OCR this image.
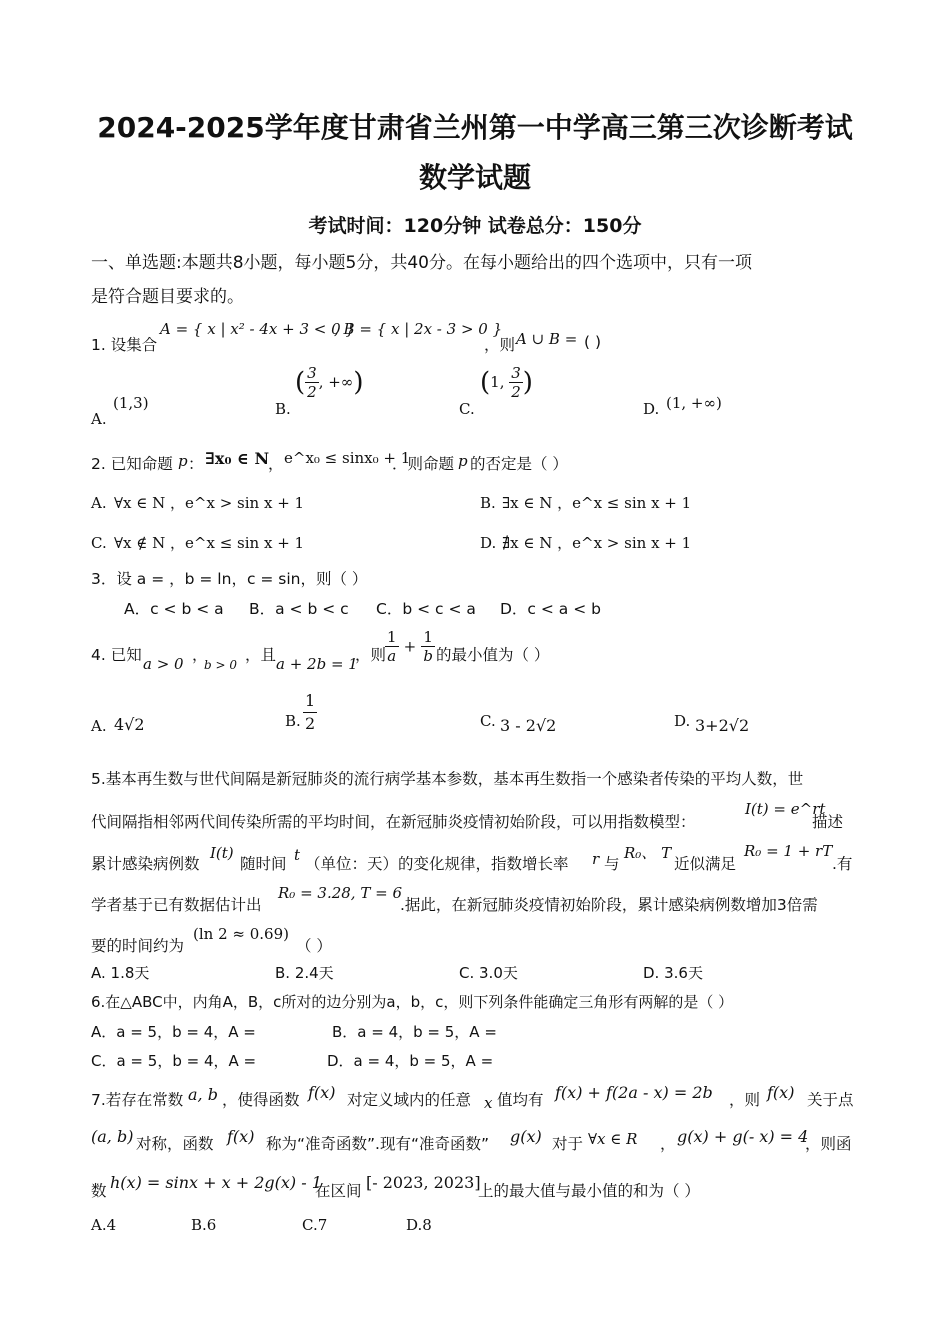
2024-2025学年度甘肃省兰州第一中学高三第三次诊断考试
数学试题
考试时间：120分钟 试卷总分：150分
一、单选题:本题共8小题，每小题5分，共40分。在每小题给出的四个选项中，只有一项
是符合题目要求的。
1. 设集合
A = { x | x² - 4x + 3 < 0 }
, B = { x | 2x - 3 > 0 }
，则 A ∪ B = ( )
A.
(1,3)	B.
( $\frac{3}{2}$ , +∞)
C.
(1, $\frac{3}{2}$ )
D. (1, +∞)
2. 已知命题 p ： ∃x₀ ∈ N
， e^x₀ ≤ sinx₀ + 1
．则命题 p 的否定是（ ）
A. ∀x ∈ N ，e^x > sin x + 1	B. ∃x ∈ N ，e^x ≤ sin x + 1
C. ∀x ∉ N ，e^x ≤ sin x + 1	D. ∄x ∈ N ，e^x > sin x + 1
3．设 a = ，b = ln，c = sin，则（ ）
A．c < b < a B．a < b < c C．b < c < a D．c < a < b
4. 已知 a > 0 ，
b > 0
，且 a + 2b = 1
，则
$\frac{1}{a} + \frac{1}{b}$ 的最小值为（ ）
A. 4√2	B. $\frac{1}{2}$	C. 3 - 2√2	D. 3+2√2
5.基本再生数与世代间隔是新冠肺炎的流行病学基本参数，基本再生数指一个感染者传染的平均人数，世
代间隔指相邻两代间传染所需的平均时间，在新冠肺炎疫情初始阶段，可以用指数模型：
I(t) = e^rt
描述
累计感染病例数
I(t)
随时间 t （单位：天）的变化规律，指数增长率 r 与
R₀、 T
近似满足
R₀ = 1 + rT
.有
学者基于已有数据估计出
R₀ = 3.28, T = 6
.据此，在新冠肺炎疫情初始阶段，累计感染病例数增加3倍需
要的时间约为
(ln 2 ≈ 0.69)
（ ）
A. 1.8天	B. 2.4天	C. 3.0天	D. 3.6天
6.在△ABC中，内角A，B，c所对的边分别为a，b，c，则下列条件能确定三角形有两解的是（ ）
A．a = 5，b = 4，A =	B．a = 4，b = 5，A =
C．a = 5，b = 4，A =	D．a = 4，b = 5，A =
7.若存在常数 a, b ，使得函数 f(x) 对定义域内的任意 x 值均有 f(x) + f(2a - x) = 2b ，则 f(x) 关于点
(a, b) 对称，函数 f(x) 称为“准奇函数”.现有“准奇函数” g(x) 对于 ∀x ∈ R ， g(x) + g(- x) = 4
，则函
数 h(x) = sinx + x + 2g(x) - 1
在区间 [- 2023, 2023]
上的最大值与最小值的和为（ ）
A.4	B.6	C.7	D.8
